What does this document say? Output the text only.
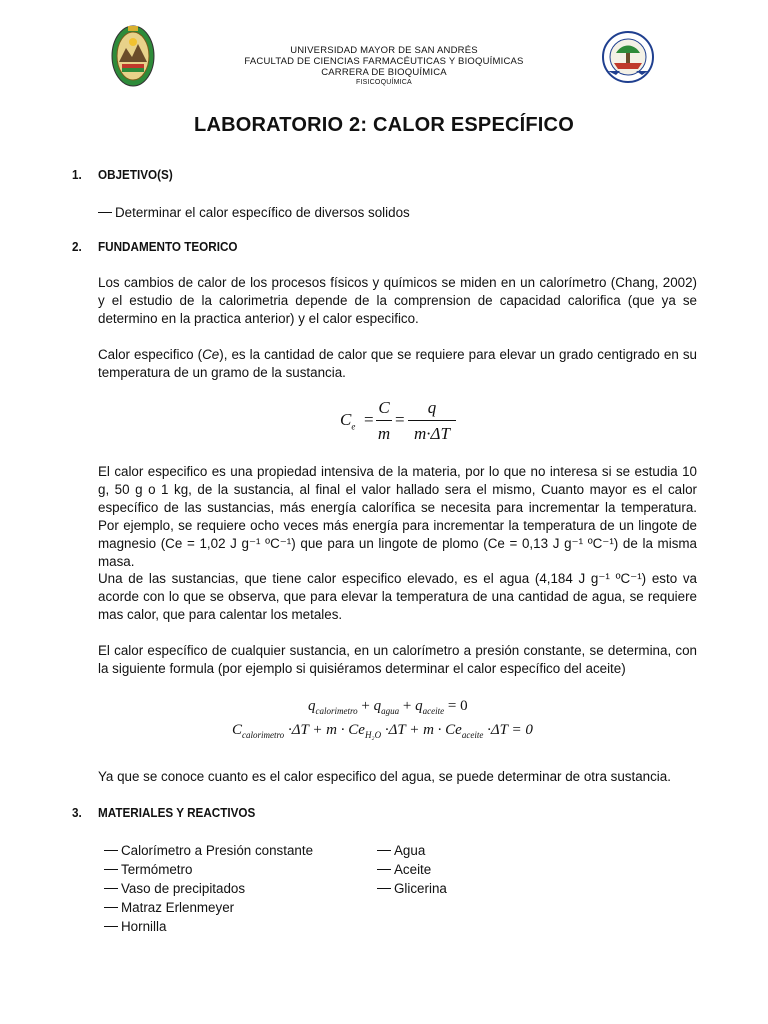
UNIVERSIDAD MAYOR DE SAN ANDRÉS
FACULTAD DE CIENCIAS FARMACÉUTICAS Y BIOQUÍMICAS
CARRERA DE BIOQUÍMICA
FISICOQUÍMICA
LABORATORIO 2: CALOR ESPECÍFICO
1. OBJETIVO(S)
Determinar el calor específico de diversos solidos
2. FUNDAMENTO TEORICO
Los cambios de calor de los procesos físicos y químicos se miden en un calorímetro (Chang, 2002) y el estudio de la calorimetria depende de la comprension de capacidad calorifica (que ya se determino en la practica anterior) y el calor especifico.
Calor especifico (Ce), es la cantidad de calor que se requiere para elevar un grado centigrado en su temperatura de un gramo de la sustancia.
$C_e$ =
C
m
=
q
m·ΔT
El calor especifico es una propiedad intensiva de la materia, por lo que no interesa si se estudia 10 g, 50 g o 1 kg, de la sustancia, al final el valor hallado sera el mismo, Cuanto mayor es el calor específico de las sustancias, más energía calorífica se necesita para incrementar la temperatura. Por ejemplo, se requiere ocho veces más energía para incrementar la temperatura de un lingote de magnesio (Ce = 1,02 J g⁻¹ ºC⁻¹) que para un lingote de plomo (Ce = 0,13 J g⁻¹ ºC⁻¹) de la misma masa.
Una de las sustancias, que tiene calor especifico elevado, es el agua (4,184 J g⁻¹ ºC⁻¹) esto va acorde con lo que se observa, que para elevar la temperatura de una cantidad de agua, se requiere mas calor, que para calentar los metales.
El calor específico de cualquier sustancia, en un calorímetro a presión constante, se determina, con la siguiente formula (por ejemplo si quisiéramos determinar el calor específico del aceite)
$q_{calorimetro} + q_{agua} + q_{aceite} = 0$
$C_{calorimetro} \cdot\Delta T + m \cdot Ce_{H_2O} \cdot\Delta T + m \cdot Ce_{aceite} \cdot\Delta T = 0$
Ya que se conoce cuanto es el calor especifico del agua, se puede determinar de otra sustancia.
3. MATERIALES Y REACTIVOS
Calorímetro a Presión constante
Termómetro
Vaso de precipitados
Matraz Erlenmeyer
Hornilla
Agua
Aceite
Glicerina
